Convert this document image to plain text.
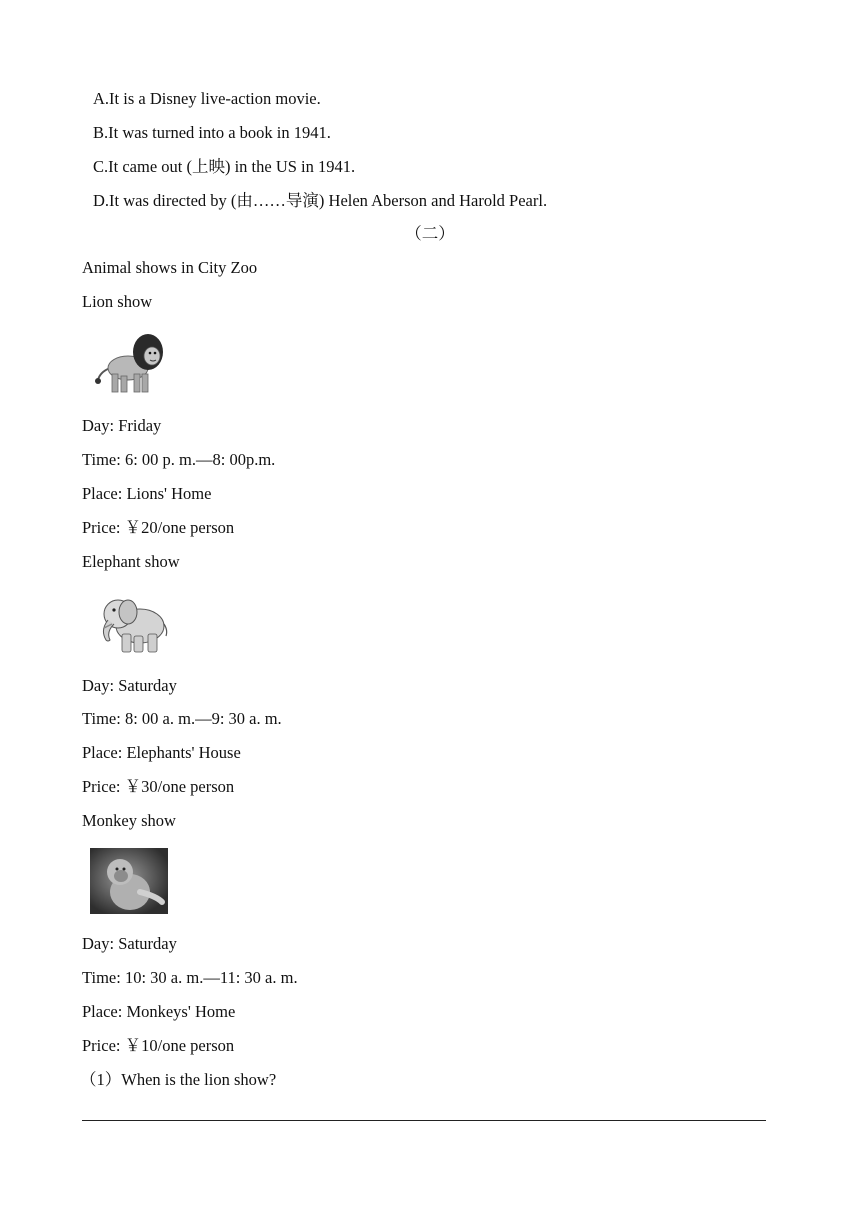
A.It is a Disney live-action movie.
B.It was turned into a book in 1941.
C.It came out (上映) in the US in 1941.
D.It was directed by (由……导演) Helen Aberson and Harold Pearl.
（二）
Animal shows in City Zoo
Lion show
Day: Friday
Time: 6: 00 p. m.—8: 00p.m.
Place: Lions' Home
Price: ￥20/one person
Elephant show
Day: Saturday
Time: 8: 00 a. m.—9: 30 a. m.
Place: Elephants' House
Price: ￥30/one person
Monkey show
Day: Saturday
Time: 10: 30 a. m.—11: 30 a. m.
Place: Monkeys' Home
Price: ￥10/one person
（1）When is the lion show?
